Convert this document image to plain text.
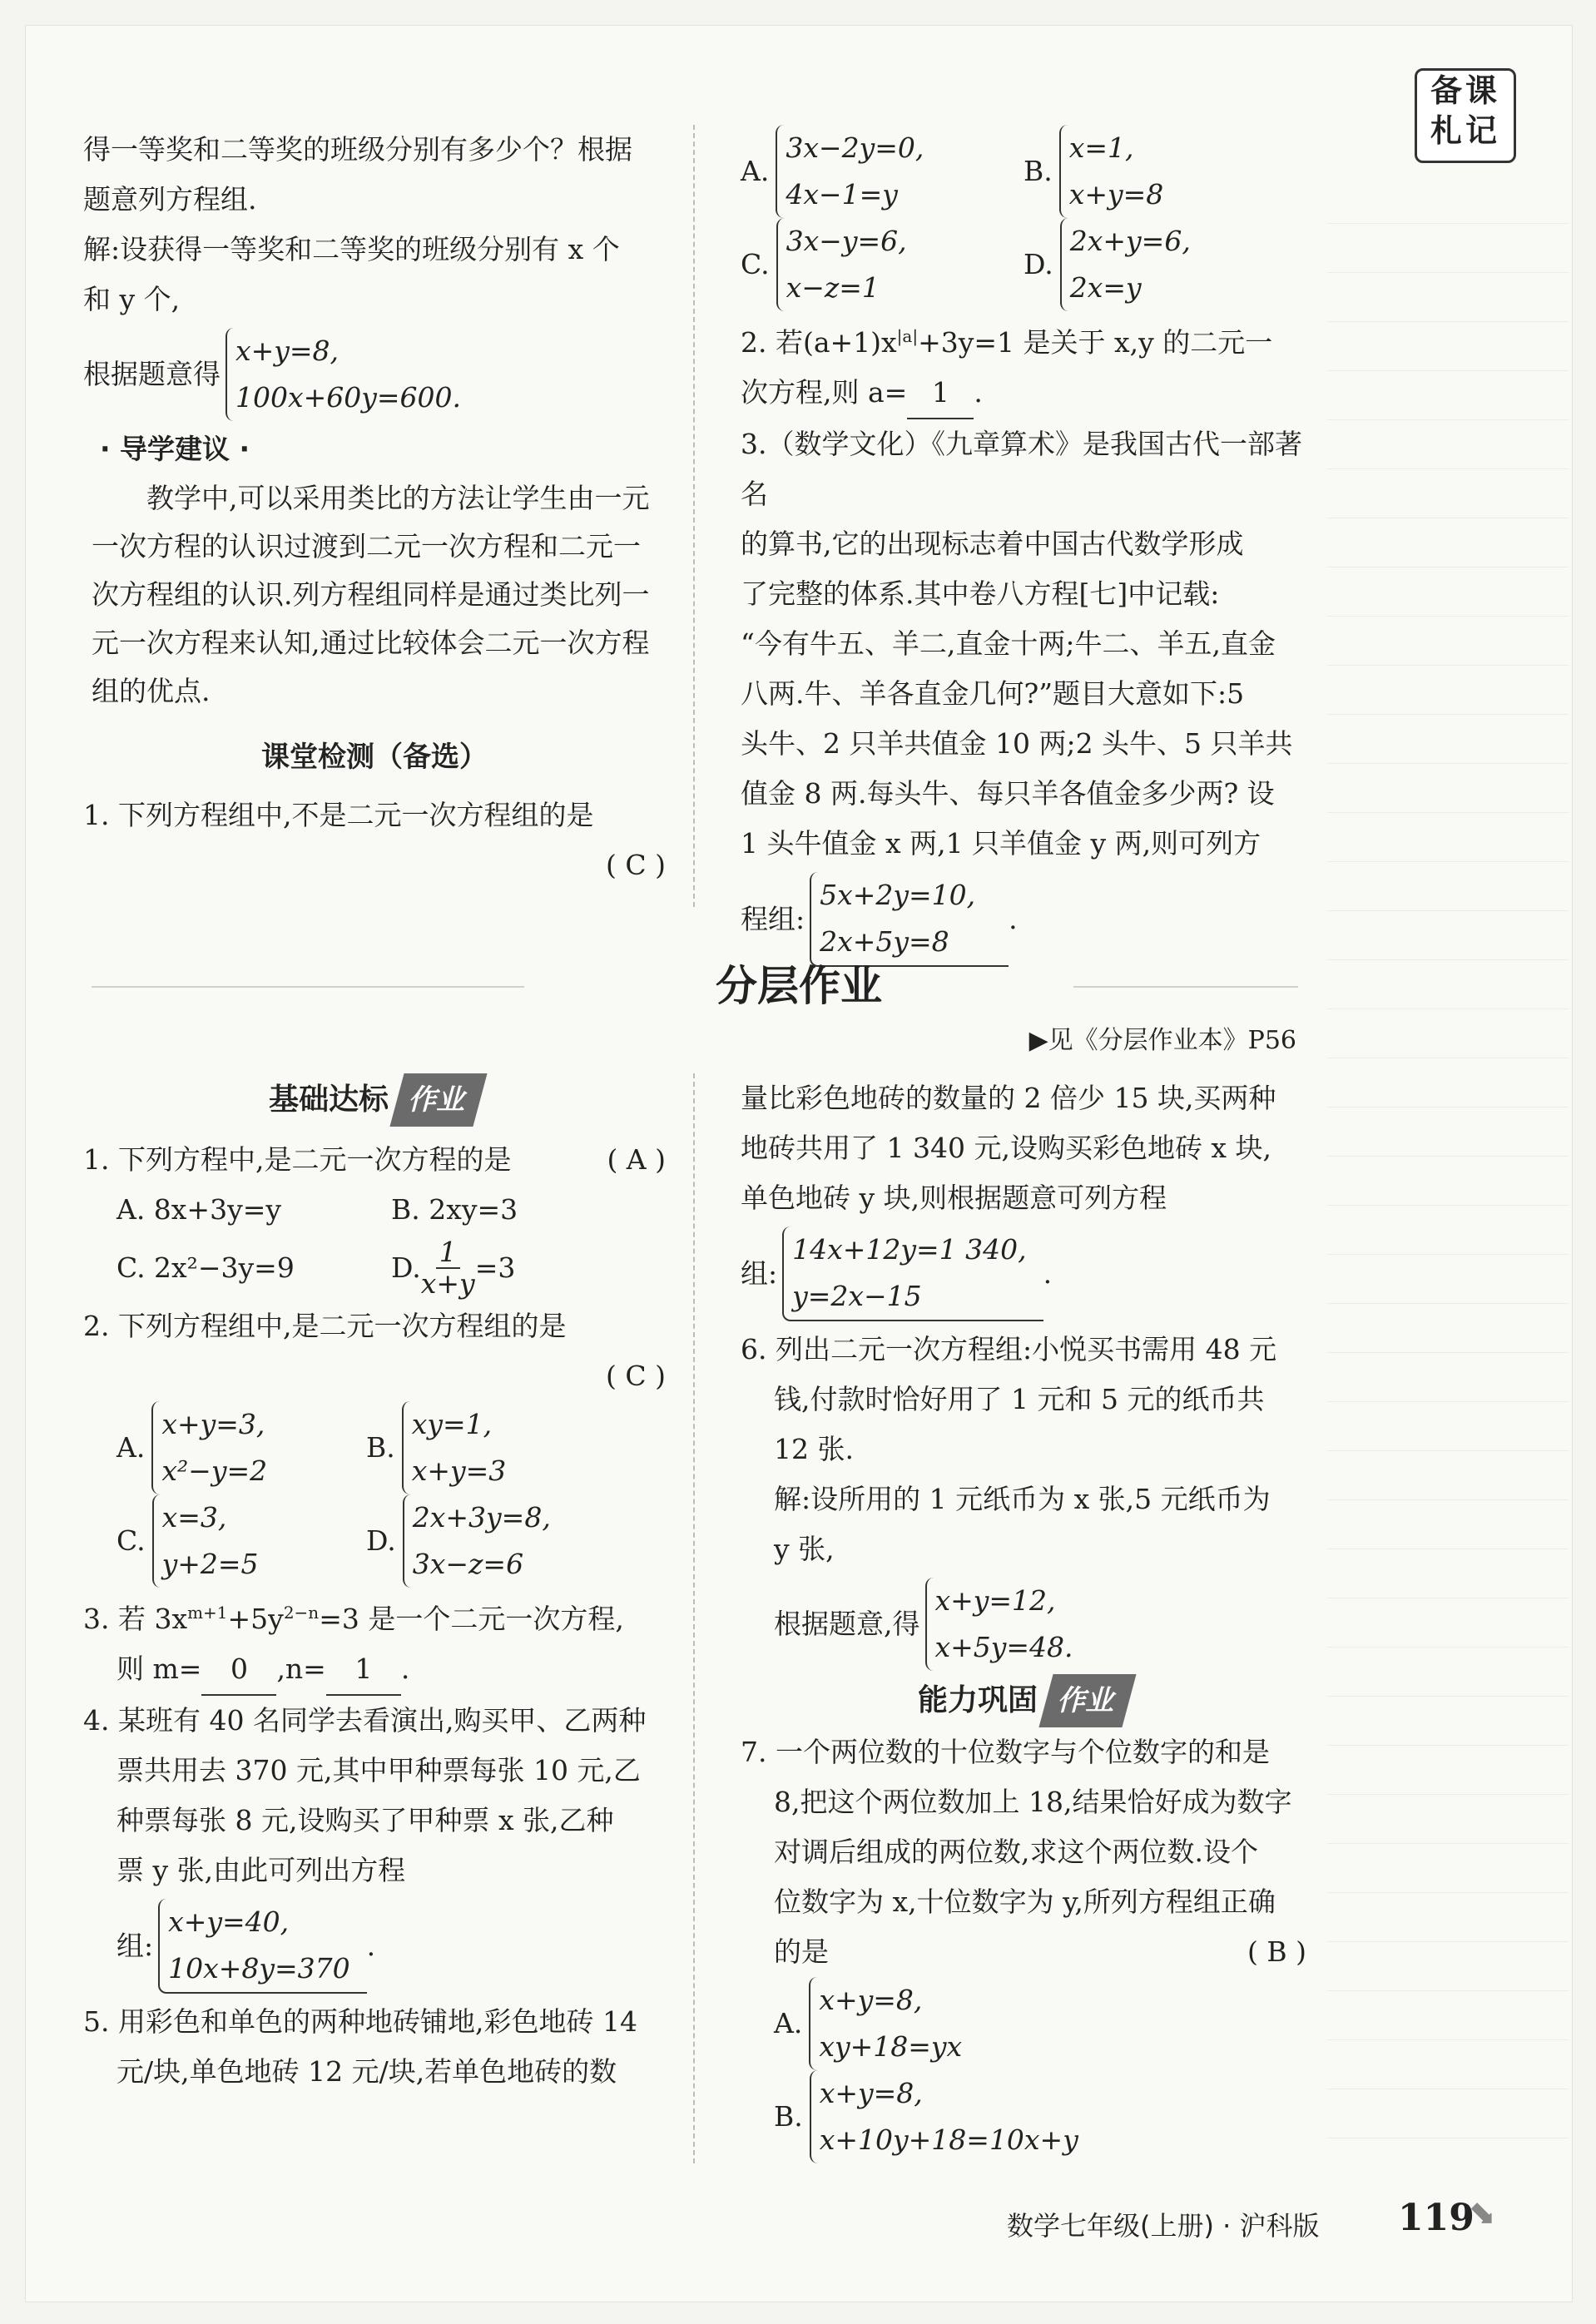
备课
札记

得一等奖和二等奖的班级分别有多少个？根据

题意列方程组.

解:设获得一等奖和二等奖的班级分别有 x 个

和 y 个,

根据题意得
x+y=8,
100x+60y=600.

· 导学建议 ·

教学中,可以采用类比的方法让学生由一元一次方程的认识过渡到二元一次方程和二元一次方程组的认识.列方程组同样是通过类比列一元一次方程来认知,通过比较体会二元一次方程组的优点.

课堂检测（备选）

1. 下列方程组中,不是二元一次方程组的是

( C )

A.
3x−2y=0,
4x−1=y
B.
x=1,
x+y=8
C.
3x−y=6,
x−z=1
D.
2x+y=6,
2x=y

2. 若$(a+1)x^{|a|}+3y=1$ 是关于 x,y 的二元一

次方程,则 a= 1 .

3.（数学文化）《九章算术》是我国古代一部著名

的算书,它的出现标志着中国古代数学形成

了完整的体系.其中卷八方程[七]中记载:

“今有牛五、羊二,直金十两;牛二、羊五,直金

八两.牛、羊各直金几何?”题目大意如下:5

头牛、2 只羊共值金 10 两;2 头牛、5 只羊共

值金 8 两.每头牛、每只羊各值金多少两? 设

1 头牛值金 x 两,1 只羊值金 y 两,则可列方

程组:
5x+2y=10,
2x+5y=8
.
分层作业
▶见《分层作业本》P56

基础达标 作业

1. 下列方程中,是二元一次方程的是	( A )

A. 8x+3y=y	B. 2xy=3
C. 2x²−3y=9	D. $\frac{1}{x+y} =3$

2. 下列方程组中,是二元一次方程组的是

( C )

A.
x+y=3,
x²−y=2
B.
xy=1,
x+y=3
C.
x=3,
y+2=5
D.
2x+3y=8,
3x−z=6

3. 若 $3x^{m+1}+5y^{2-n}=3$ 是一个二元一次方程,

则 m= 0 ,n= 1 .

4. 某班有 40 名同学去看演出,购买甲、乙两种

票共用去 370 元,其中甲种票每张 10 元,乙

种票每张 8 元,设购买了甲种票 x 张,乙种

票 y 张,由此可列出方程

组:
x+y=40,
10x+8y=370
.

5. 用彩色和单色的两种地砖铺地,彩色地砖 14

元/块,单色地砖 12 元/块,若单色地砖的数

量比彩色地砖的数量的 2 倍少 15 块,买两种

地砖共用了 1 340 元,设购买彩色地砖 x 块,

单色地砖 y 块,则根据题意可列方程

组:
14x+12y=1 340,
y=2x−15
.

6. 列出二元一次方程组:小悦买书需用 48 元

钱,付款时恰好用了 1 元和 5 元的纸币共

12 张.

解:设所用的 1 元纸币为 x 张,5 元纸币为

y 张,

根据题意,得
x+y=12,
x+5y=48.

能力巩固 作业

7. 一个两位数的十位数字与个位数字的和是

8,把这个两位数加上 18,结果恰好成为数字

对调后组成的两位数,求这个两位数.设个

位数字为 x,十位数字为 y,所列方程组正确

的是	( B )

A.
x+y=8,
xy+18=yx
B.
x+y=8,
x+10y+18=10x+y
数学七年级(上册) · 沪科版 119
⬊
